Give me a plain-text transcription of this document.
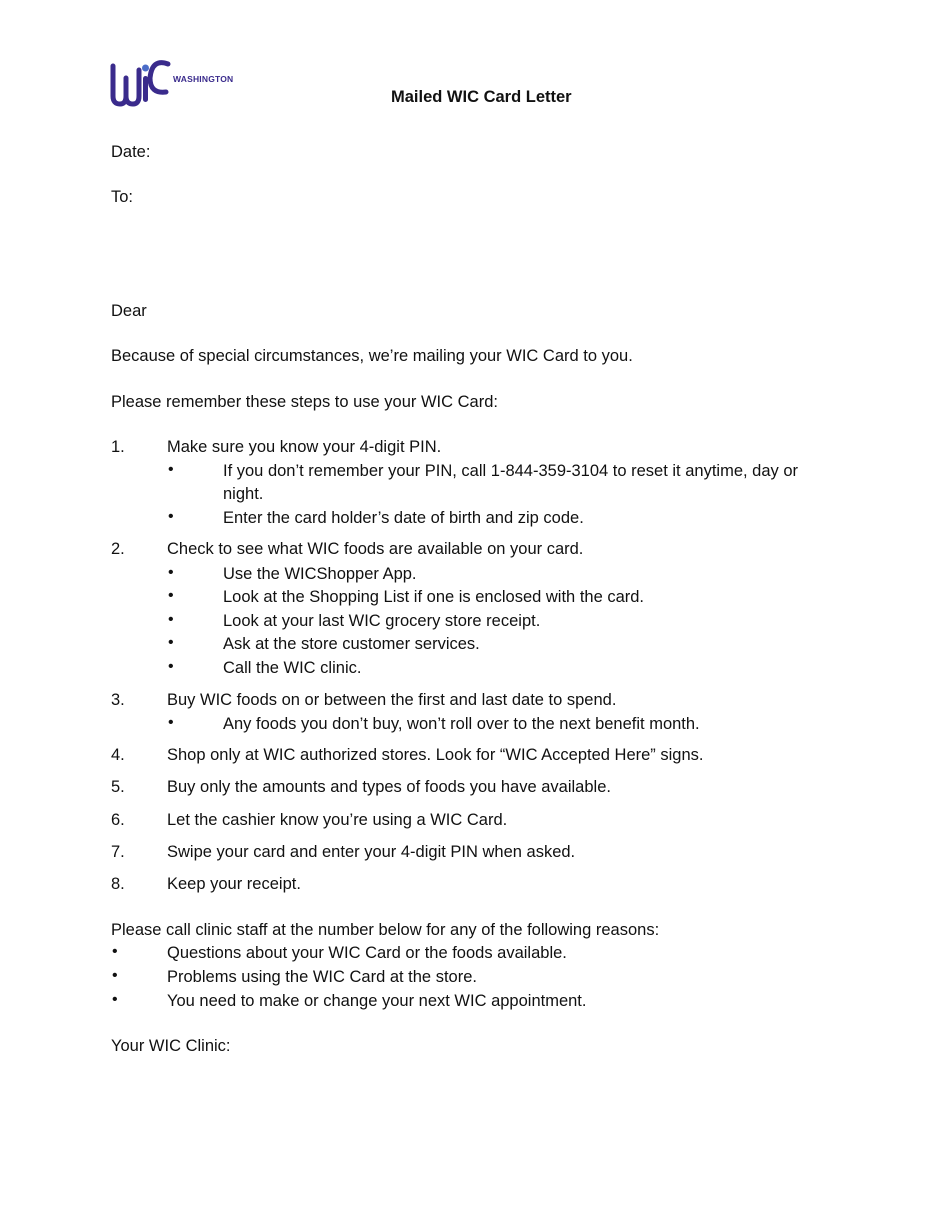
WASHINGTON
Mailed WIC Card Letter
Date:
To:
Dear
Because of special circumstances, we’re mailing your WIC Card to you.
Please remember these steps to use your WIC Card:
1.	Make sure you know your 4-digit PIN.
•	If you don’t remember your PIN, call 1-844-359-3104 to reset it anytime, day or
night.
•	Enter the card holder’s date of birth and zip code.
2.	Check to see what WIC foods are available on your card.
•	Use the WICShopper App.
•	Look at the Shopping List if one is enclosed with the card.
•	Look at your last WIC grocery store receipt.
•	Ask at the store customer services.
•	Call the WIC clinic.
3.	Buy WIC foods on or between the first and last date to spend.
•	Any foods you don’t buy, won’t roll over to the next benefit month.
4.	Shop only at WIC authorized stores. Look for “WIC Accepted Here” signs.
5.	Buy only the amounts and types of foods you have available.
6.	Let the cashier know you’re using a WIC Card.
7.	Swipe your card and enter your 4-digit PIN when asked.
8.	Keep your receipt.
Please call clinic staff at the number below for any of the following reasons:
•	Questions about your WIC Card or the foods available.
•	Problems using the WIC Card at the store.
•	You need to make or change your next WIC appointment.
Your WIC Clinic:
